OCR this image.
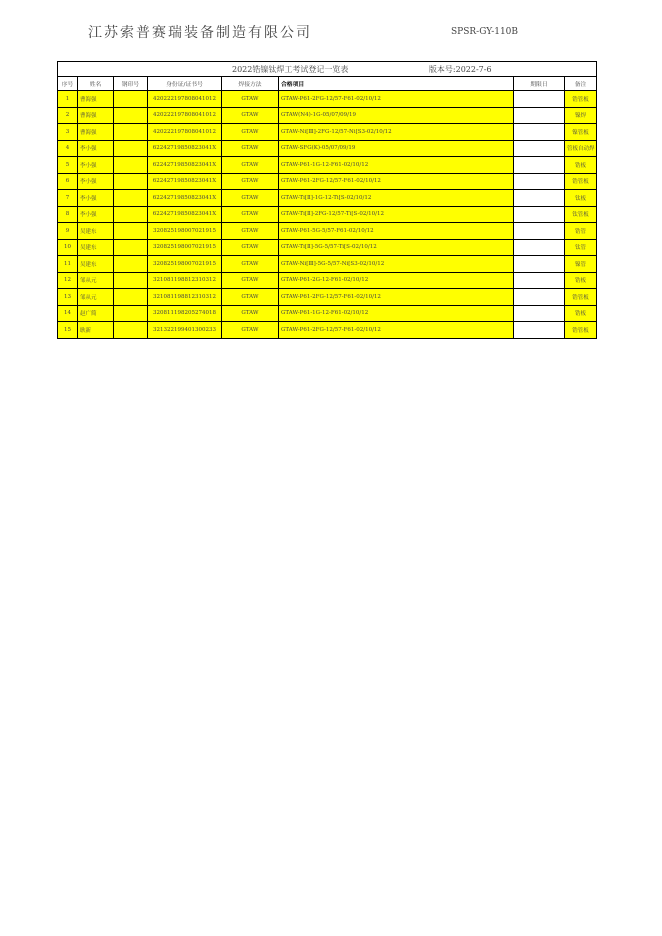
江苏索普赛瑞装备制造有限公司	SPSR-GY-110B
2022锆镍钛焊工考试登记一览表 版本号:2022-7-6							
序号	姓名	钢印号	身份证/证书号	焊接方法	合格项目	期限日	备注
1	曹海强		420222197808041012	GTAW	GTAW-P61-2FG-12/57-F61-02/10/12		锆管板
2	曹海强		420222197808041012	GTAW	GTAW(N4)-1G-05/07/09/19		镍焊
3	曹海强		420222197808041012	GTAW	GTAW-Ni[Ⅲ]-2FG-12/57-Ni[S3-02/10/12		镍管板
4	李小强		62242719850823041X	GTAW	GTAW-SFG(K)-05/07/09/19		管板自动焊
5	李小强		62242719850823041X	GTAW	GTAW-P61-1G-12-F61-02/10/12		锆板
6	李小强		62242719850823041X	GTAW	GTAW-P61-2FG-12/57-F61-02/10/12		锆管板
7	李小强		62242719850823041X	GTAW	GTAW-Ti[Ⅱ]-1G-12-Ti[S-02/10/12		钛板
8	李小强		62242719850823041X	GTAW	GTAW-Ti[Ⅱ]-2FG-12/57-Ti[S-02/10/12		钛管板
9	吴建东		320825198007021915	GTAW	GTAW-P61-5G-5/57-F61-02/10/12		锆管
10	吴建东		320825198007021915	GTAW	GTAW-Ti[Ⅱ]-5G-5/57-Ti[S-02/10/12		钛管
11	吴建东		320825198007021915	GTAW	GTAW-Ni[Ⅲ]-5G-5/57-Ni[S3-02/10/12		镍管
12	邹从元		321081198812310312	GTAW	GTAW-P61-2G-12-F61-02/10/12		锆板
13	邹从元		321081198812310312	GTAW	GTAW-P61-2FG-12/57-F61-02/10/12		锆管板
14	赵广简		320811198205274018	GTAW	GTAW-P61-1G-12-F61-02/10/12		锆板
15	耿新		321322199401300233	GTAW	GTAW-P61-2FG-12/57-F61-02/10/12		锆管板
